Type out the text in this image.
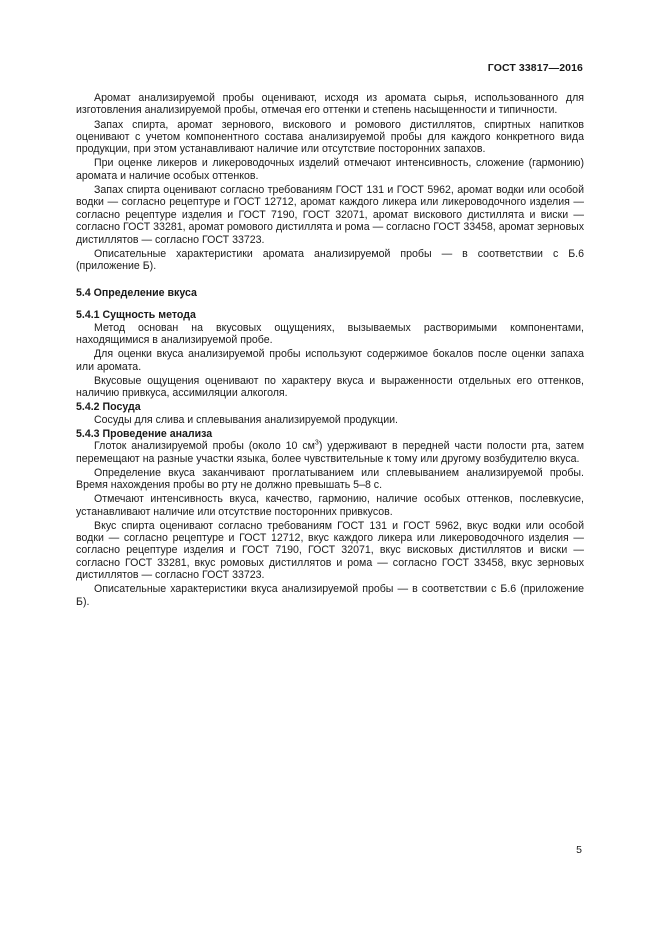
ГОСТ 33817—2016

Аромат анализируемой пробы оценивают, исходя из аромата сырья, использованного для изготовления анализируемой пробы, отмечая его оттенки и степень насыщенности и типичности.

Запах спирта, аромат зернового, вискового и ромового дистиллятов, спиртных напитков оценивают с учетом компонентного состава анализируемой пробы для каждого конкретного вида продукции, при этом устанавливают наличие или отсутствие посторонних запахов.

При оценке ликеров и ликероводочных изделий отмечают интенсивность, сложение (гармонию) аромата и наличие особых оттенков.

Запах спирта оценивают согласно требованиям ГОСТ 131 и ГОСТ 5962, аромат водки или особой водки — согласно рецептуре и ГОСТ 12712, аромат каждого ликера или ликероводочного изделия — согласно рецептуре изделия и ГОСТ 7190, ГОСТ 32071, аромат вискового дистиллята и виски — согласно ГОСТ 33281, аромат ромового дистиллята и рома — согласно ГОСТ 33458, аромат зерновых дистиллятов — согласно ГОСТ 33723.

Описательные характеристики аромата анализируемой пробы — в соответствии с Б.6 (приложение Б).

5.4 Определение вкуса
5.4.1 Сущность метода

Метод основан на вкусовых ощущениях, вызываемых растворимыми компонентами, находящимися в анализируемой пробе.

Для оценки вкуса анализируемой пробы используют содержимое бокалов после оценки запаха или аромата.

Вкусовые ощущения оценивают по характеру вкуса и выраженности отдельных его оттенков, наличию привкуса, ассимиляции алкоголя.

5.4.2 Посуда

Сосуды для слива и сплевывания анализируемой продукции.

5.4.3 Проведение анализа

Глоток анализируемой пробы (около 10 $см^3$) удерживают в передней части полости рта, затем перемещают на разные участки языка, более чувствительные к тому или другому возбудителю вкуса.

Определение вкуса заканчивают проглатыванием или сплевыванием анализируемой пробы. Время нахождения пробы во рту не должно превышать 5–8 с.

Отмечают интенсивность вкуса, качество, гармонию, наличие особых оттенков, послевкусие, устанавливают наличие или отсутствие посторонних привкусов.

Вкус спирта оценивают согласно требованиям ГОСТ 131 и ГОСТ 5962, вкус водки или особой водки — согласно рецептуре и ГОСТ 12712, вкус каждого ликера или ликероводочного изделия — согласно рецептуре изделия и ГОСТ 7190, ГОСТ 32071, вкус висковых дистиллятов и виски — согласно ГОСТ 33281, вкус ромовых дистиллятов и рома — согласно ГОСТ 33458, вкус зерновых дистиллятов — согласно ГОСТ 33723.

Описательные характеристики вкуса анализируемой пробы — в соответствии с Б.6 (приложение Б).

5
